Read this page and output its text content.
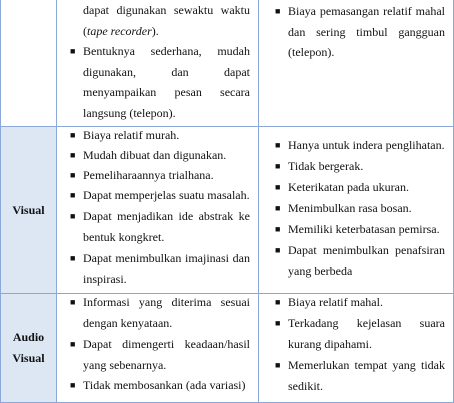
dapat digunakan sewaktu waktu (tape recorder).
■ Bentuknya sederhana, mudah digunakan, dan dapat menyampaikan pesan secara langsung (telepon).
■ Biaya pemasangan relatif mahal dan sering timbul gangguan (telepon).
Visual
■ Biaya relatif murah.
■ Mudah dibuat dan digunakan.
■ Pemeliharaannya trialhana.
■ Dapat memperjelas suatu masalah.
■ Dapat menjadikan ide abstrak ke bentuk kongkret.
■ Dapat menimbulkan imajinasi dan inspirasi.
■ Hanya untuk indera penglihatan.
■ Tidak bergerak.
■ Keterikatan pada ukuran.
■ Menimbulkan rasa bosan.
■ Memiliki keterbatasan pemirsa.
■ Dapat menimbulkan penafsiran yang berbeda
Audio Visual
■ Informasi yang diterima sesuai dengan kenyataan.
■ Dapat dimengerti keadaan/hasil yang sebenarnya.
■ Tidak membosankan (ada variasi)
■ Biaya relatif mahal.
■ Terkadang kejelasan suara kurang dipahami.
■ Memerlukan tempat yang tidak sedikit.
